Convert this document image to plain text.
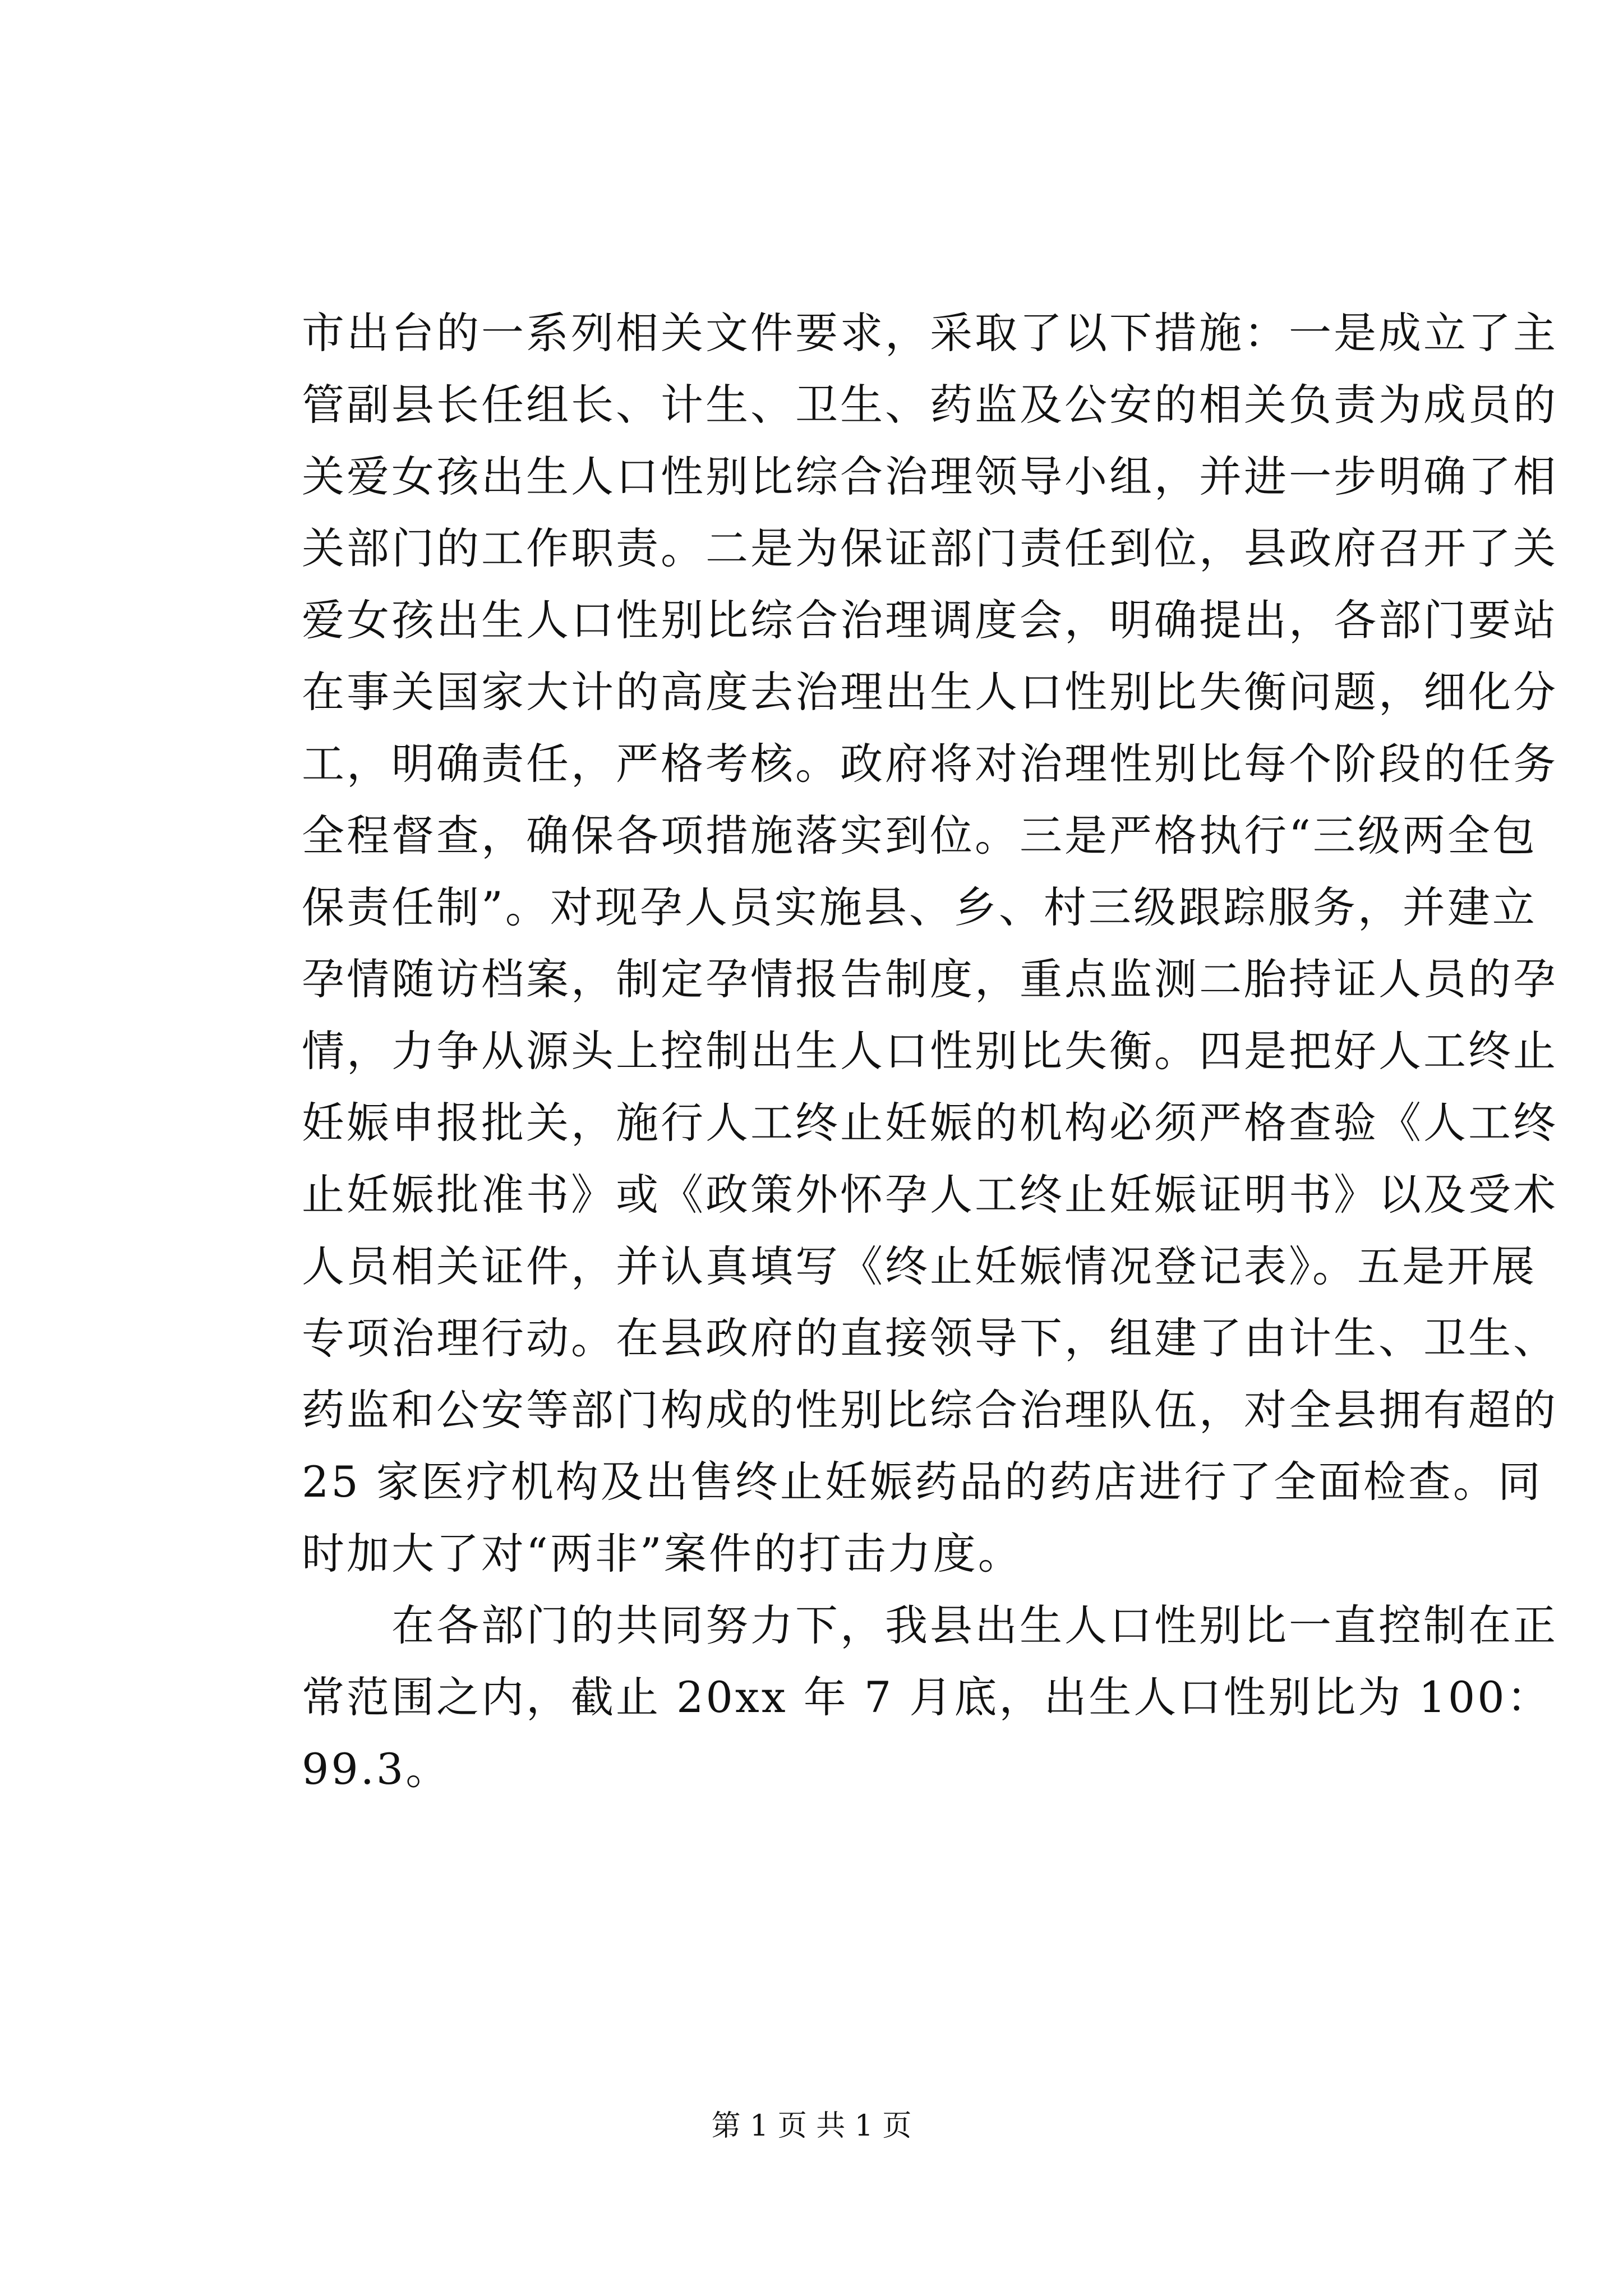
市出台的一系列相关文件要求，采取了以下措施：一是成立了主
管副县长任组长、计生、卫生、药监及公安的相关负责为成员的
关爱女孩出生人口性别比综合治理领导小组，并进一步明确了相
关部门的工作职责。二是为保证部门责任到位，县政府召开了关
爱女孩出生人口性别比综合治理调度会，明确提出，各部门要站
在事关国家大计的高度去治理出生人口性别比失衡问题，细化分
工，明确责任，严格考核。政府将对治理性别比每个阶段的任务
全程督查，确保各项措施落实到位。三是严格执行“三级两全包
保责任制”。对现孕人员实施县、乡、村三级跟踪服务，并建立
孕情随访档案，制定孕情报告制度，重点监测二胎持证人员的孕
情，力争从源头上控制出生人口性别比失衡。四是把好人工终止
妊娠申报批关，施行人工终止妊娠的机构必须严格查验《人工终
止妊娠批准书》或《政策外怀孕人工终止妊娠证明书》以及受术
人员相关证件，并认真填写《终止妊娠情况登记表》。五是开展
专项治理行动。在县政府的直接领导下，组建了由计生、卫生、
药监和公安等部门构成的性别比综合治理队伍，对全县拥有超的
25 家医疗机构及出售终止妊娠药品的药店进行了全面检查。同
时加大了对“两非”案件的打击力度。
　　在各部门的共同努力下，我县出生人口性别比一直控制在正
常范围之内，截止 20xx 年 7 月底，出生人口性别比为 100：
99.3。
第 1 页 共 1 页
